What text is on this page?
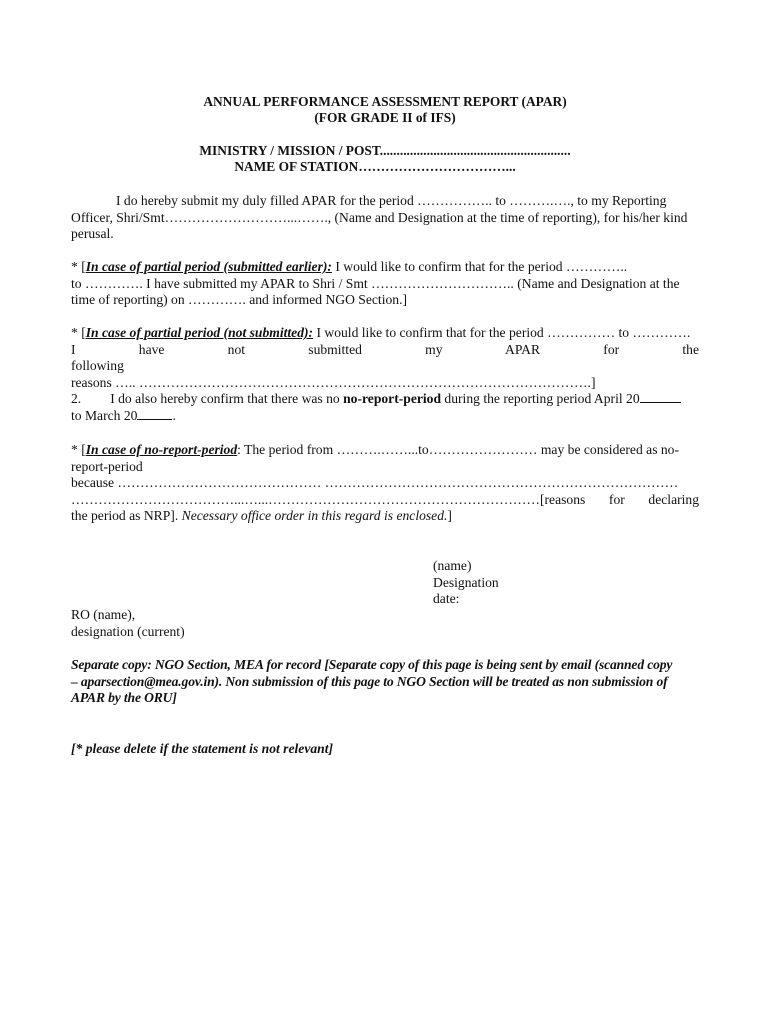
ANNUAL PERFORMANCE ASSESSMENT REPORT (APAR)
(FOR GRADE II of IFS)
MINISTRY / MISSION / POST.........................................................
NAME OF STATION……………………………...
I do hereby submit my duly filled APAR for the period …………….. to ……….…., to my Reporting
Officer, Shri/Smt………………………...……., (Name and Designation at the time of reporting), for his/her kind
perusal.
* [In case of partial period (submitted earlier): I would like to confirm that for the period …………..
to …………. I have submitted my APAR to Shri / Smt ………………………….. (Name and Designation at the
time of reporting) on …………. and informed NGO Section.]
* [In case of partial period (not submitted): I would like to confirm that for the period …………… to ………….
I have not submitted my APAR for the following
reasons ….. ……………………………………………………………………………………….]
2. I do also hereby confirm that there was no no-report-period during the reporting period April 20
to March 20	.
* [In case of no-report-period: The period from ……….……...to…………………… may be considered as no-
report-period
because ……………………………………… ……………………………………………………………………
………………………………...…...……………………………………………………[reasons for declaring
the period as NRP]. Necessary office order in this regard is enclosed.]
(name)
Designation
date:
RO (name),
designation (current)
Separate copy: NGO Section, MEA for record [Separate copy of this page is being sent by email (scanned copy
– aparsection@mea.gov.in). Non submission of this page to NGO Section will be treated as non submission of
APAR by the ORU]
[* please delete if the statement is not relevant]
